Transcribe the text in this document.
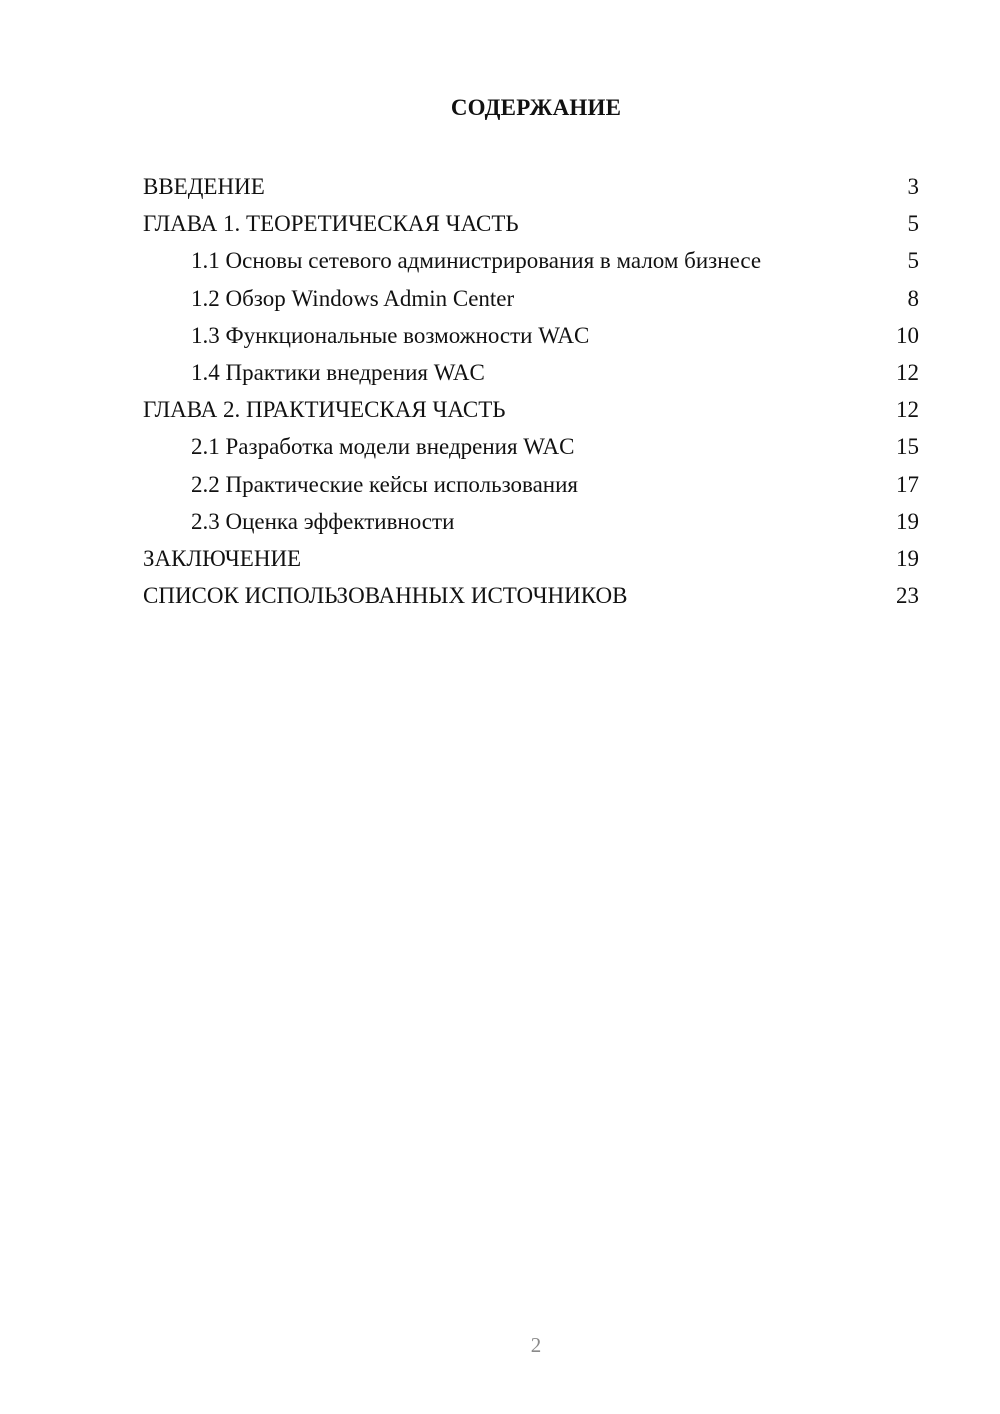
СОДЕРЖАНИЕ
ВВЕДЕНИЕ	3
ГЛАВА 1. ТЕОРЕТИЧЕСКАЯ ЧАСТЬ	5
1.1 Основы сетевого администрирования в малом бизнесе	5
1.2 Обзор Windows Admin Center	8
1.3 Функциональные возможности WAC	10
1.4 Практики внедрения WAC	12
ГЛАВА 2. ПРАКТИЧЕСКАЯ ЧАСТЬ	12
2.1 Разработка модели внедрения WAC	15
2.2 Практические кейсы использования	17
2.3 Оценка эффективности	19
ЗАКЛЮЧЕНИЕ	19
СПИСОК ИСПОЛЬЗОВАННЫХ ИСТОЧНИКОВ	23
2
